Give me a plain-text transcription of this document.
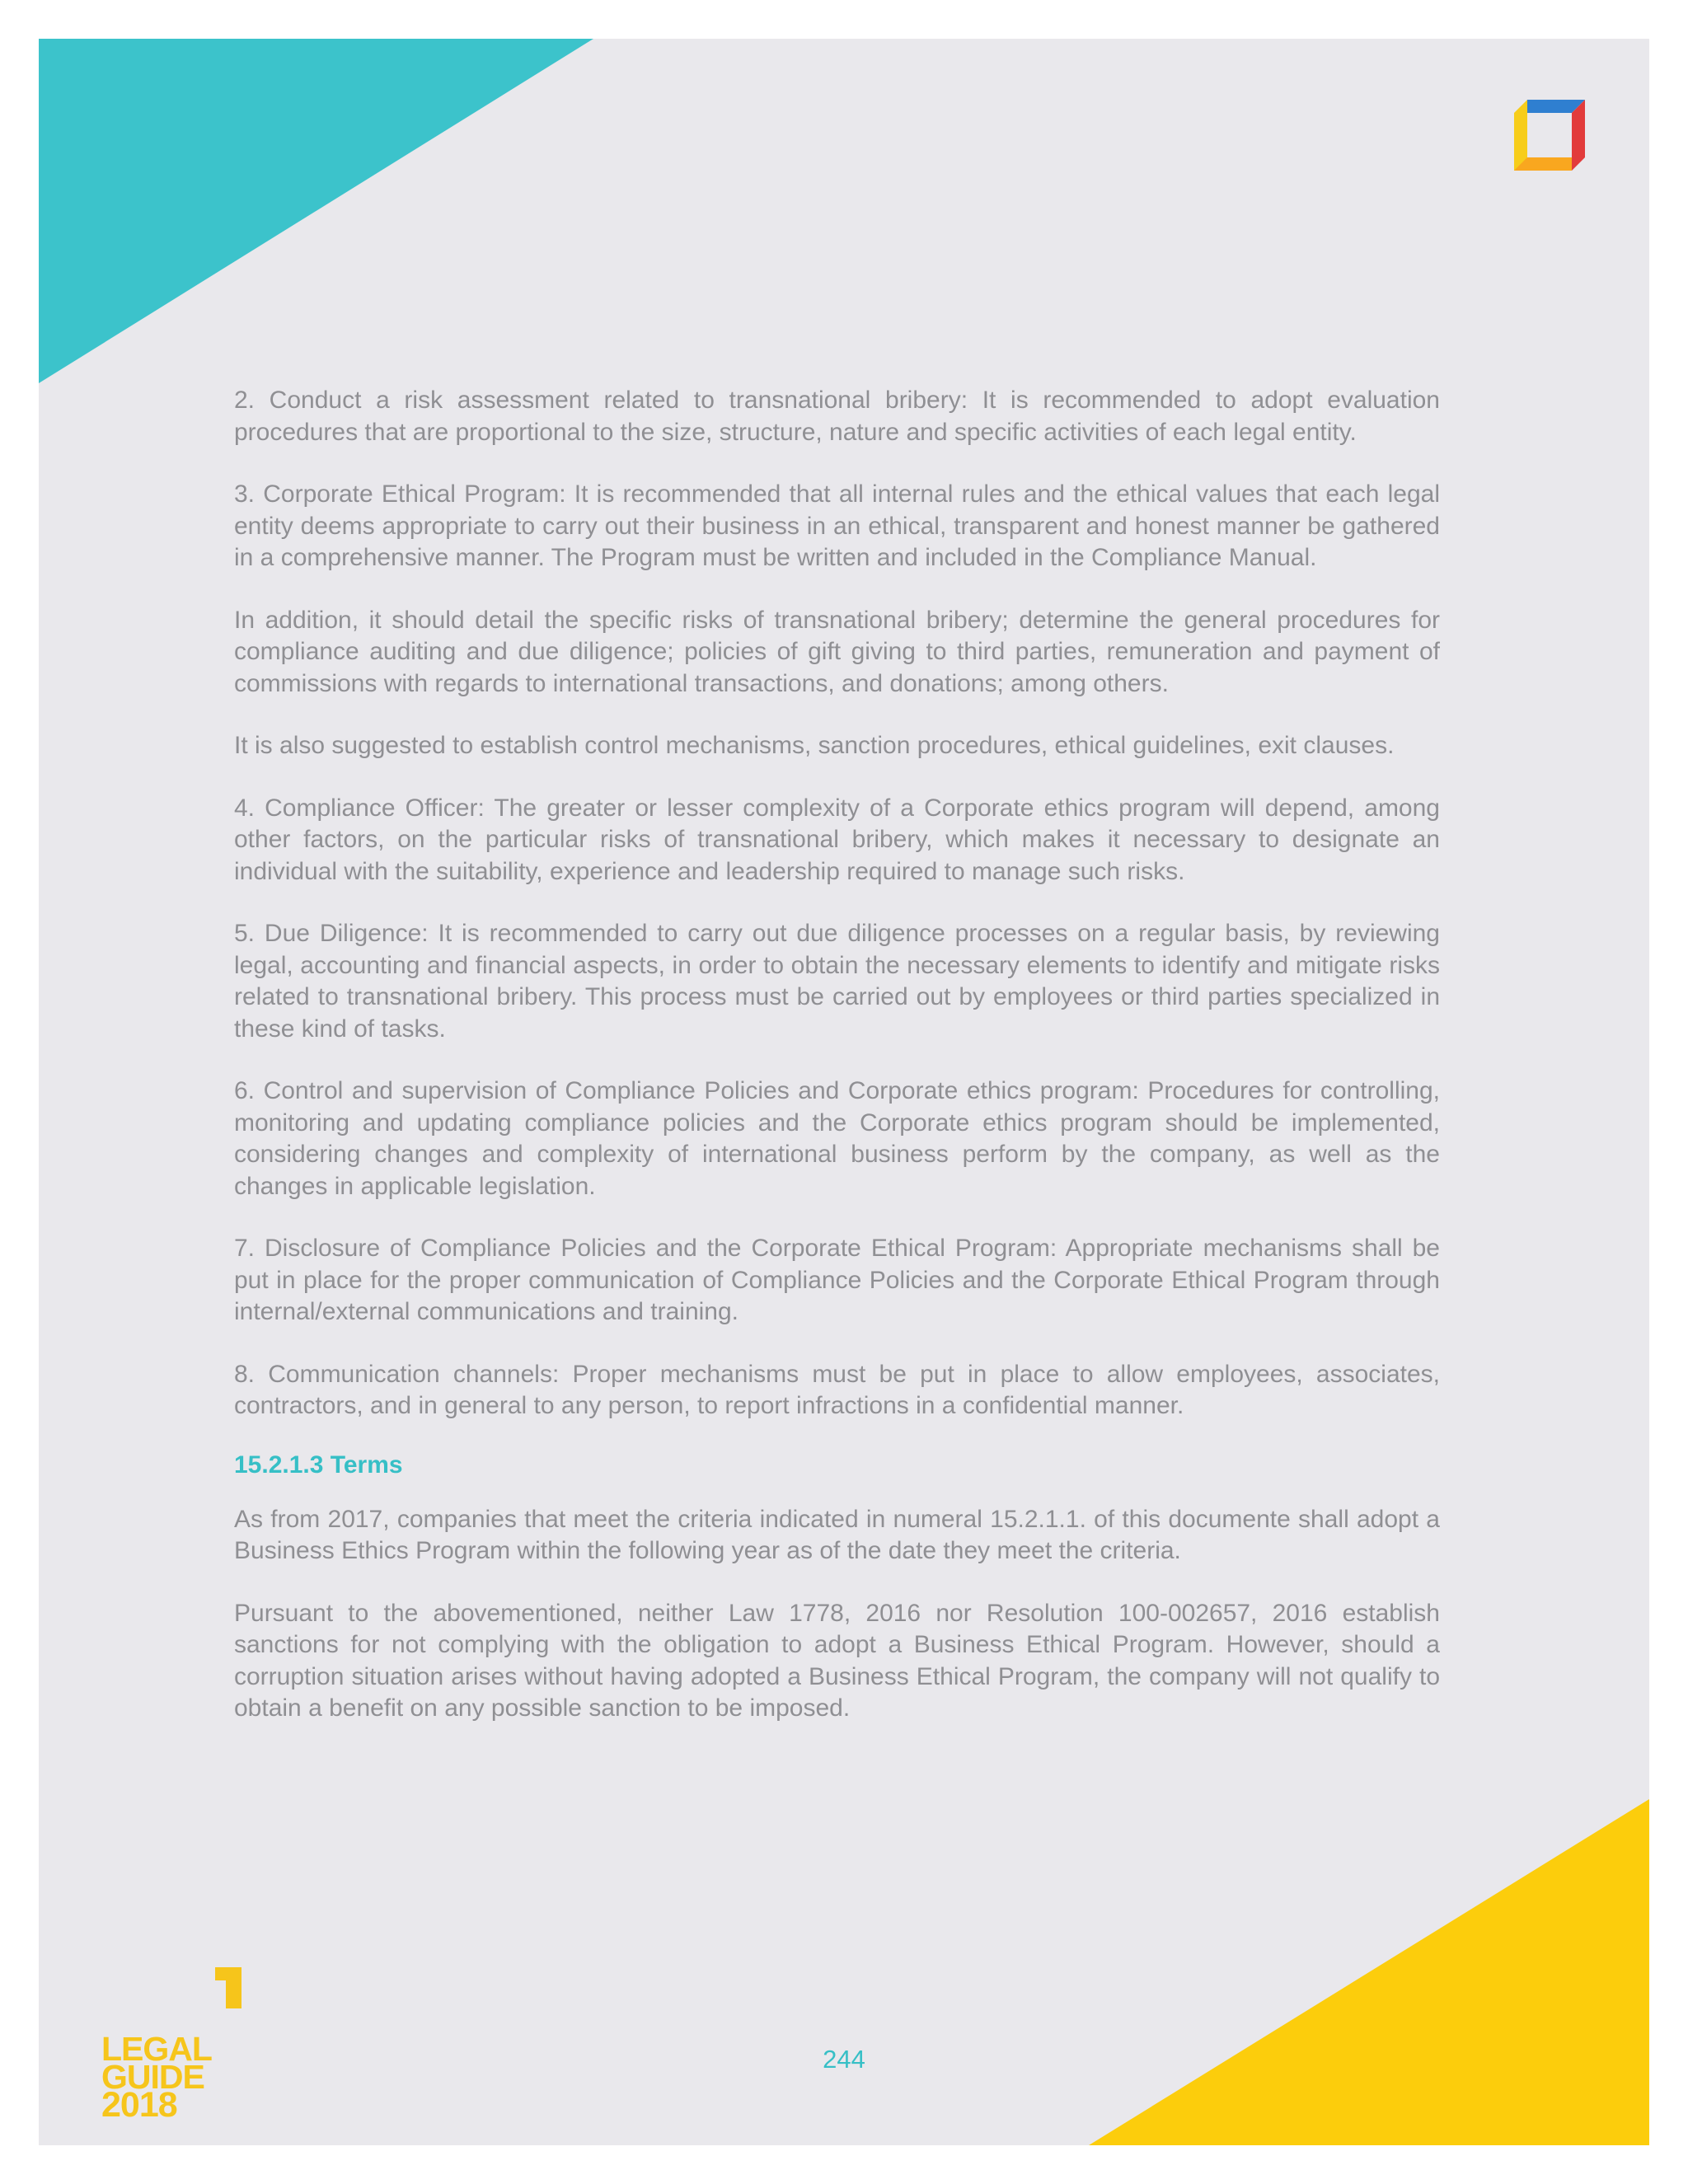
2. Conduct a risk assessment related to transnational bribery: It is recommended to adopt evaluation procedures that are proportional to the size, structure, nature and specific activities of each legal entity.

3. Corporate Ethical Program: It is recommended that all internal rules and the ethical values that each legal entity deems appropriate to carry out their business in an ethical, transparent and honest manner be gathered in a comprehensive manner. The Program must be written and included in the Compliance Manual.

In addition, it should detail the specific risks of transnational bribery; determine the general procedures for compliance auditing and due diligence; policies of gift giving to third parties, remuneration and payment of commissions with regards to international transactions, and donations; among others.

It is also suggested to establish control mechanisms, sanction procedures, ethical guidelines, exit clauses.

4. Compliance Officer: The greater or lesser complexity of a Corporate ethics program will depend, among other factors, on the particular risks of transnational bribery, which makes it necessary to designate an individual with the suitability, experience and leadership required to manage such risks.

5. Due Diligence: It is recommended to carry out due diligence processes on a regular basis, by reviewing legal, accounting and financial aspects, in order to obtain the necessary elements to identify and mitigate risks related to transnational bribery. This process must be carried out by employees or third parties specialized in these kind of tasks.

6. Control and supervision of Compliance Policies and Corporate ethics program: Procedures for controlling, monitoring and updating compliance policies and the Corporate ethics program should be implemented, considering changes and complexity of international business perform by the company, as well as the changes in applicable legislation.

7. Disclosure of Compliance Policies and the Corporate Ethical Program: Appropriate mechanisms shall be put in place for the proper communication of Compliance Policies and the Corporate Ethical Program through internal/external communications and training.

8. Communication channels: Proper mechanisms must be put in place to allow employees, associates, contractors, and in general to any person, to report infractions in a confidential manner.

15.2.1.3 Terms

As from 2017, companies that meet the criteria indicated in numeral 15.2.1.1. of this documente shall adopt a Business Ethics Program within the following year as of the date they meet the criteria.

Pursuant to the abovementioned, neither Law 1778, 2016 nor Resolution 100-002657, 2016 establish sanctions for not complying with the obligation to adopt a Business Ethical Program. However, should a corruption situation arises without having adopted a Business Ethical Program, the company will not qualify to obtain a benefit on any possible sanction to be imposed.

LEGAL
GUIDE
2018
244
